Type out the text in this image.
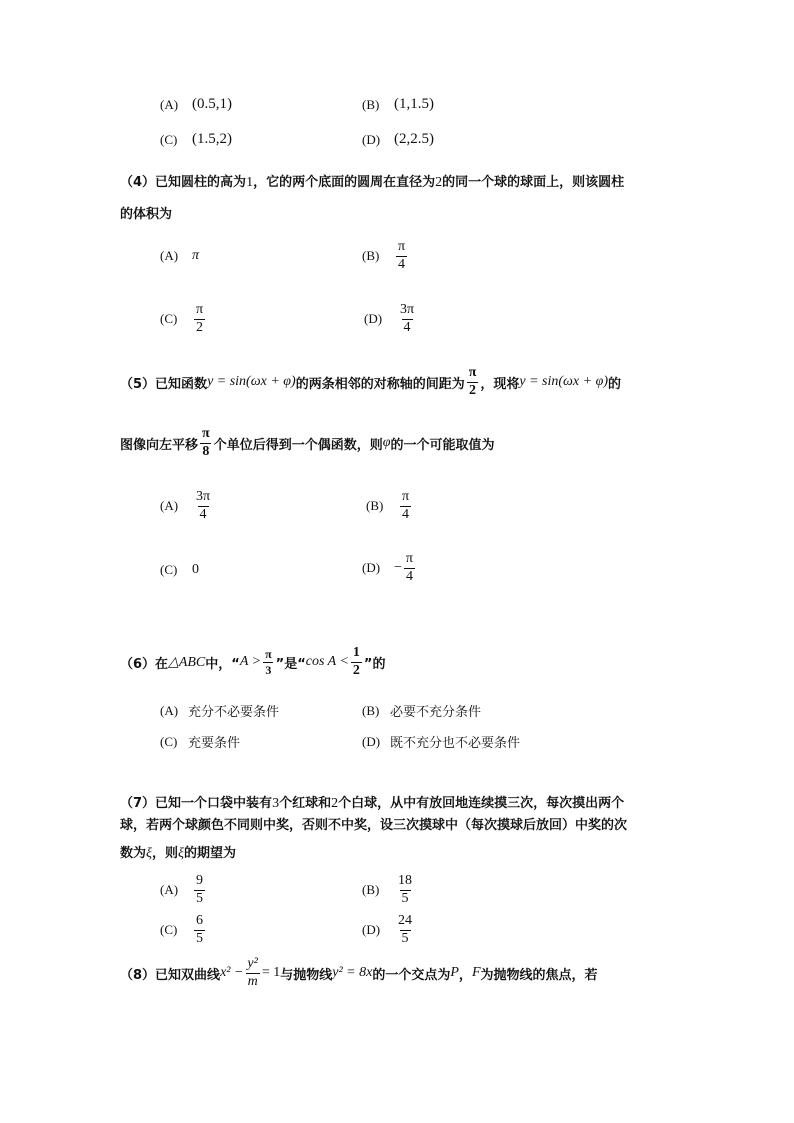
(A) (0.5,1)	(B) (1,1.5)
(C) (1.5,2)	(D) (2,2.5)
（4）已知圆柱的高为1，它的两个底面的圆周在直径为2的同一个球的球面上，则该圆柱
的体积为
(A) π	(B)	$\frac{\pi}{4}$
(C)	$\frac{\pi}{2}$	(D)	$\frac{3\pi}{4}$
（5） 已知函数 y = sin(ωx + φ) 的两条相邻的对称轴的间距为 $\frac{\pi}{2}$ ，现将 y = sin(ωx + φ) 的
图像向左平移 $\frac{\pi}{8}$ 个单位后得到一个偶函数，则 φ 的一个可能取值为
(A)	$\frac{3\pi}{4}$	(B)	$\frac{\pi}{4}$
(C)	0	$(D) - \frac{\pi}{4}$
（6） 在 △ABC 中，“ $A > \frac{\pi}{3}$ ”是“ $\cos A < \frac{1}{2}$ ”的
(A) 充分不必要条件	(B) 必要不充分条件
(C) 充要条件	(D) 既不充分也不必要条件
（7）已知一个口袋中装有3个红球和2个白球，从中有放回地连续摸三次，每次摸出两个
球，若两个球颜色不同则中奖，否则不中奖，设三次摸球中（每次摸球后放回）中奖的次
数为ξ，则ξ的期望为
(A)	$\frac{9}{5}$	(B)	$\frac{18}{5}$
(C)	$\frac{6}{5}$	(D)	$\frac{24}{5}$
（8） 已知双曲线 $x^2 - \frac{\text{y²}}{m} = 1$ 与抛物线 y² = 8x 的一个交点为 P ， F 为抛物线的焦点，若
